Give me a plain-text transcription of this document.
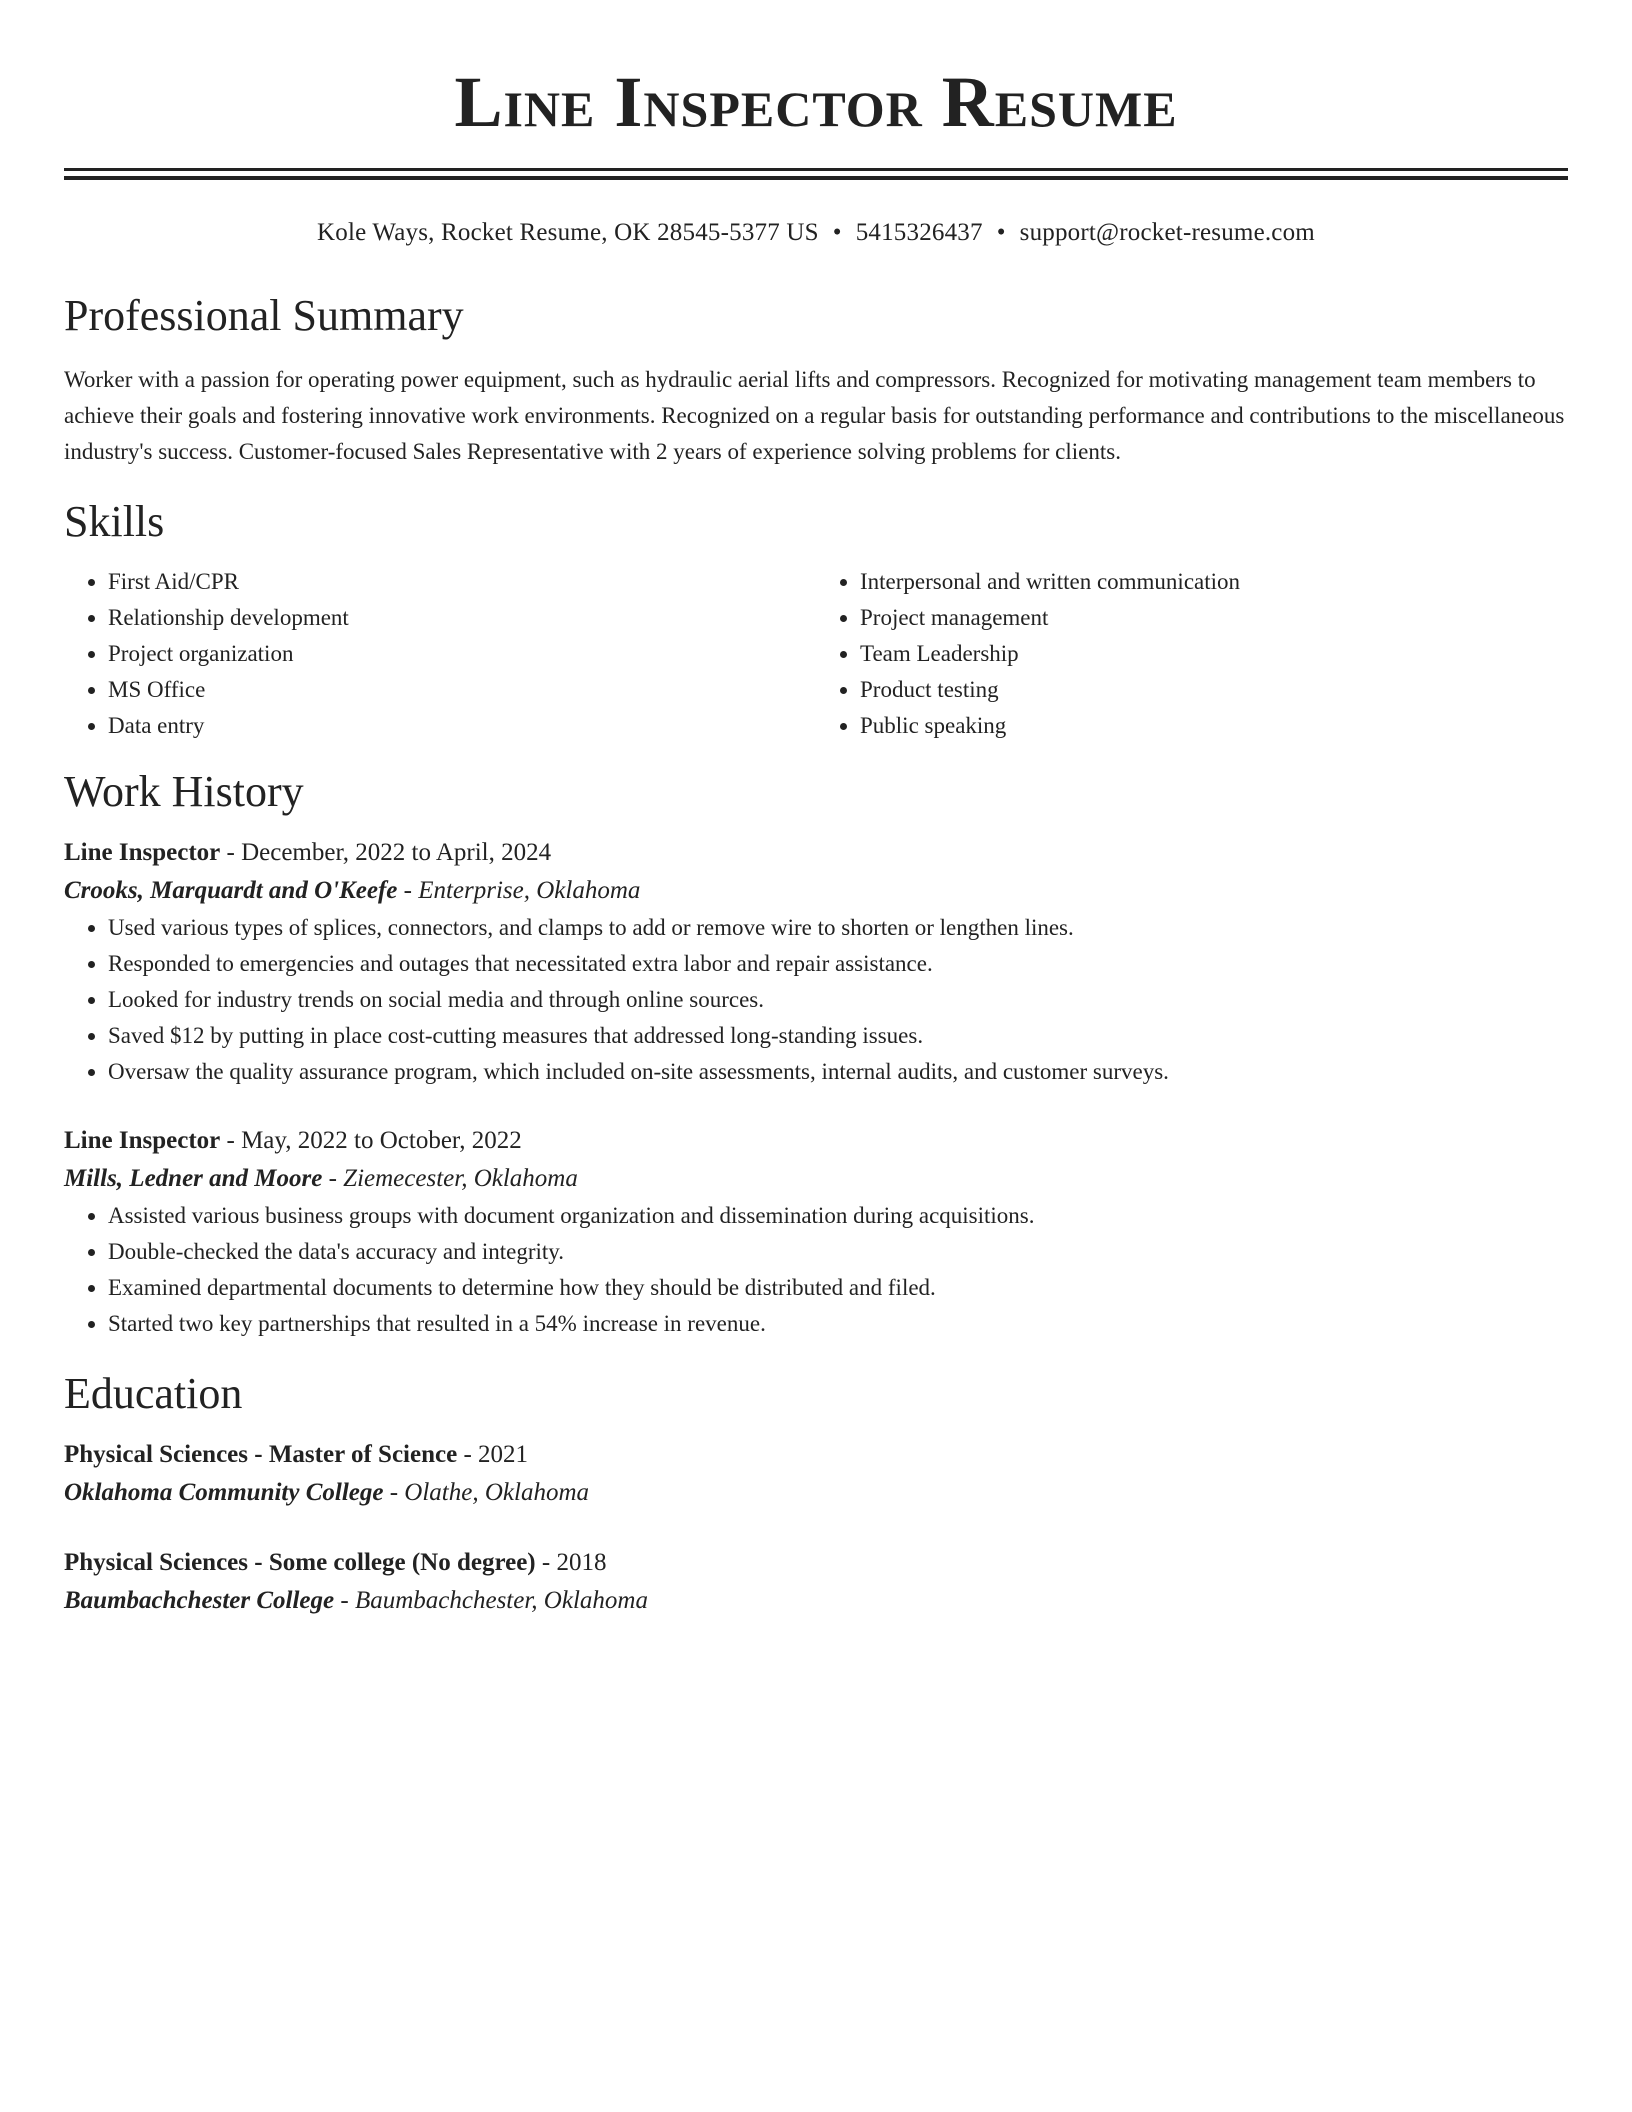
Line Inspector Resume
Kole Ways, Rocket Resume, OK 28545-5377 US • 5415326437 • support@rocket-resume.com
Professional Summary

Worker with a passion for operating power equipment, such as hydraulic aerial lifts and compressors. Recognized for motivating management team members to achieve their goals and fostering innovative work environments. Recognized on a regular basis for outstanding performance and contributions to the miscellaneous industry's success. Customer-focused Sales Representative with 2 years of experience solving problems for clients.

Skills
• First Aid/CPR
• Relationship development
• Project organization
• MS Office
• Data entry
• Interpersonal and written communication
• Project management
• Team Leadership
• Product testing
• Public speaking
Work History
Line Inspector - December, 2022 to April, 2024
Crooks, Marquardt and O'Keefe - Enterprise, Oklahoma
• Used various types of splices, connectors, and clamps to add or remove wire to shorten or lengthen lines.
• Responded to emergencies and outages that necessitated extra labor and repair assistance.
• Looked for industry trends on social media and through online sources.
• Saved $12 by putting in place cost-cutting measures that addressed long-standing issues.
• Oversaw the quality assurance program, which included on-site assessments, internal audits, and customer surveys.
Line Inspector - May, 2022 to October, 2022
Mills, Ledner and Moore - Ziemecester, Oklahoma
• Assisted various business groups with document organization and dissemination during acquisitions.
• Double-checked the data's accuracy and integrity.
• Examined departmental documents to determine how they should be distributed and filed.
• Started two key partnerships that resulted in a 54% increase in revenue.
Education
Physical Sciences - Master of Science - 2021
Oklahoma Community College - Olathe, Oklahoma
Physical Sciences - Some college (No degree) - 2018
Baumbachchester College - Baumbachchester, Oklahoma
